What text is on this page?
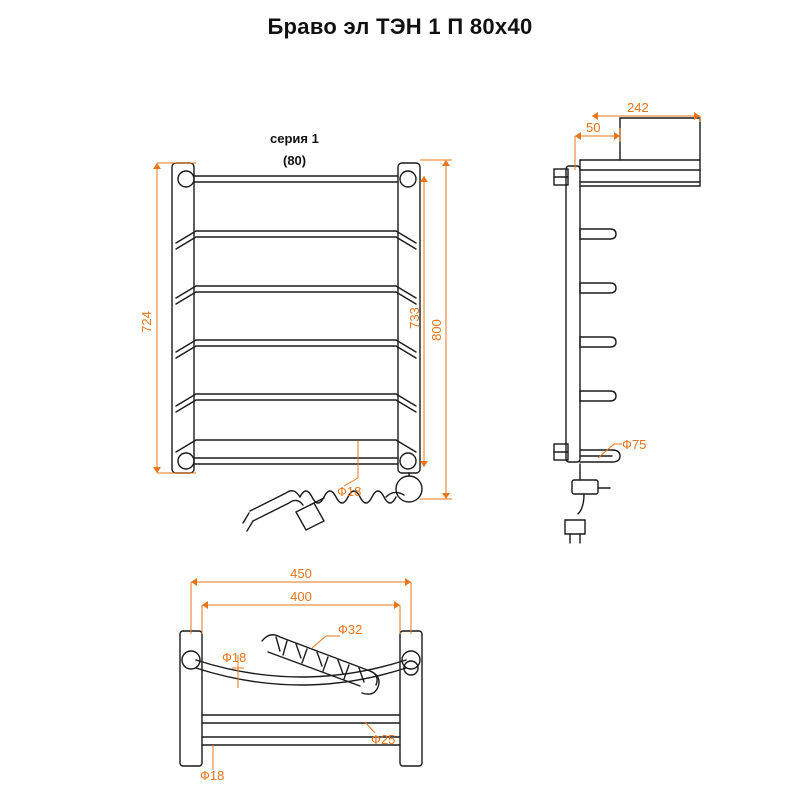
Браво эл ТЭН 1 П 80x40
серия 1
(80)
724	733
800
Ф18
242
50
Ф75
450
400
Ф32
Ф18
Ф25
Ф18
